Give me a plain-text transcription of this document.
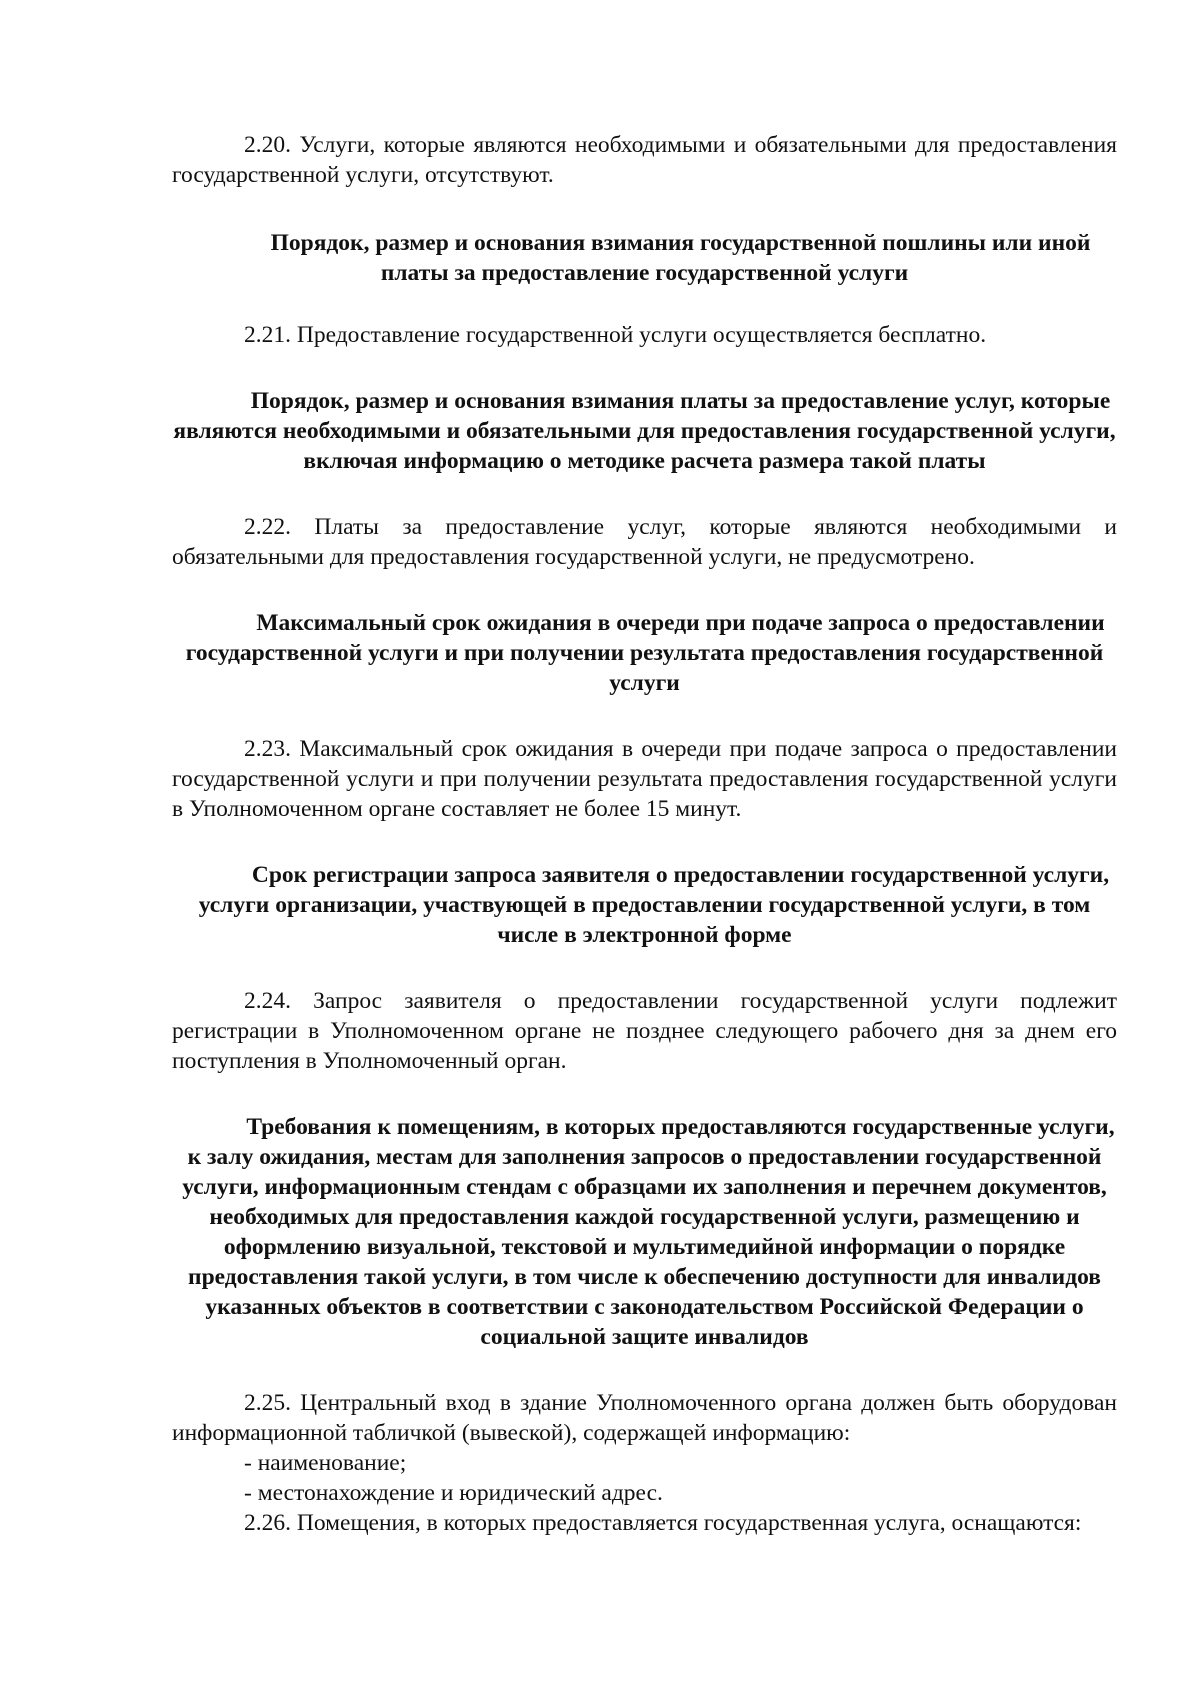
2.20. Услуги, которые являются необходимыми и обязательными для предоставления государственной услуги, отсутствуют.

Порядок, размер и основания взимания государственной пошлины или иной платы за предоставление государственной услуги

2.21. Предоставление государственной услуги осуществляется бесплатно.

Порядок, размер и основания взимания платы за предоставление услуг, которые являются необходимыми и обязательными для предоставления государственной услуги, включая информацию о методике расчета размера такой платы

2.22. Платы за предоставление услуг, которые являются необходимыми и обязательными для предоставления государственной услуги, не предусмотрено.

Максимальный срок ожидания в очереди при подаче запроса о предоставлении государственной услуги и при получении результата предоставления государственной услуги

2.23. Максимальный срок ожидания в очереди при подаче запроса о предоставлении государственной услуги и при получении результата предоставления государственной услуги в Уполномоченном органе составляет не более 15 минут.

Срок регистрации запроса заявителя о предоставлении государственной услуги, услуги организации, участвующей в предоставлении государственной услуги, в том числе в электронной форме

2.24. Запрос заявителя о предоставлении государственной услуги подлежит регистрации в Уполномоченном органе не позднее следующего рабочего дня за днем его поступления в Уполномоченный орган.

Требования к помещениям, в которых предоставляются государственные услуги, к залу ожидания, местам для заполнения запросов о предоставлении государственной услуги, информационным стендам с образцами их заполнения и перечнем документов, необходимых для предоставления каждой государственной услуги, размещению и оформлению визуальной, текстовой и мультимедийной информации о порядке предоставления такой услуги, в том числе к обеспечению доступности для инвалидов указанных объектов в соответствии с законодательством Российской Федерации о социальной защите инвалидов

2.25. Центральный вход в здание Уполномоченного органа должен быть оборудован информационной табличкой (вывеской), содержащей информацию:

- наименование;

- местонахождение и юридический адрес.

2.26. Помещения, в которых предоставляется государственная услуга, оснащаются:
